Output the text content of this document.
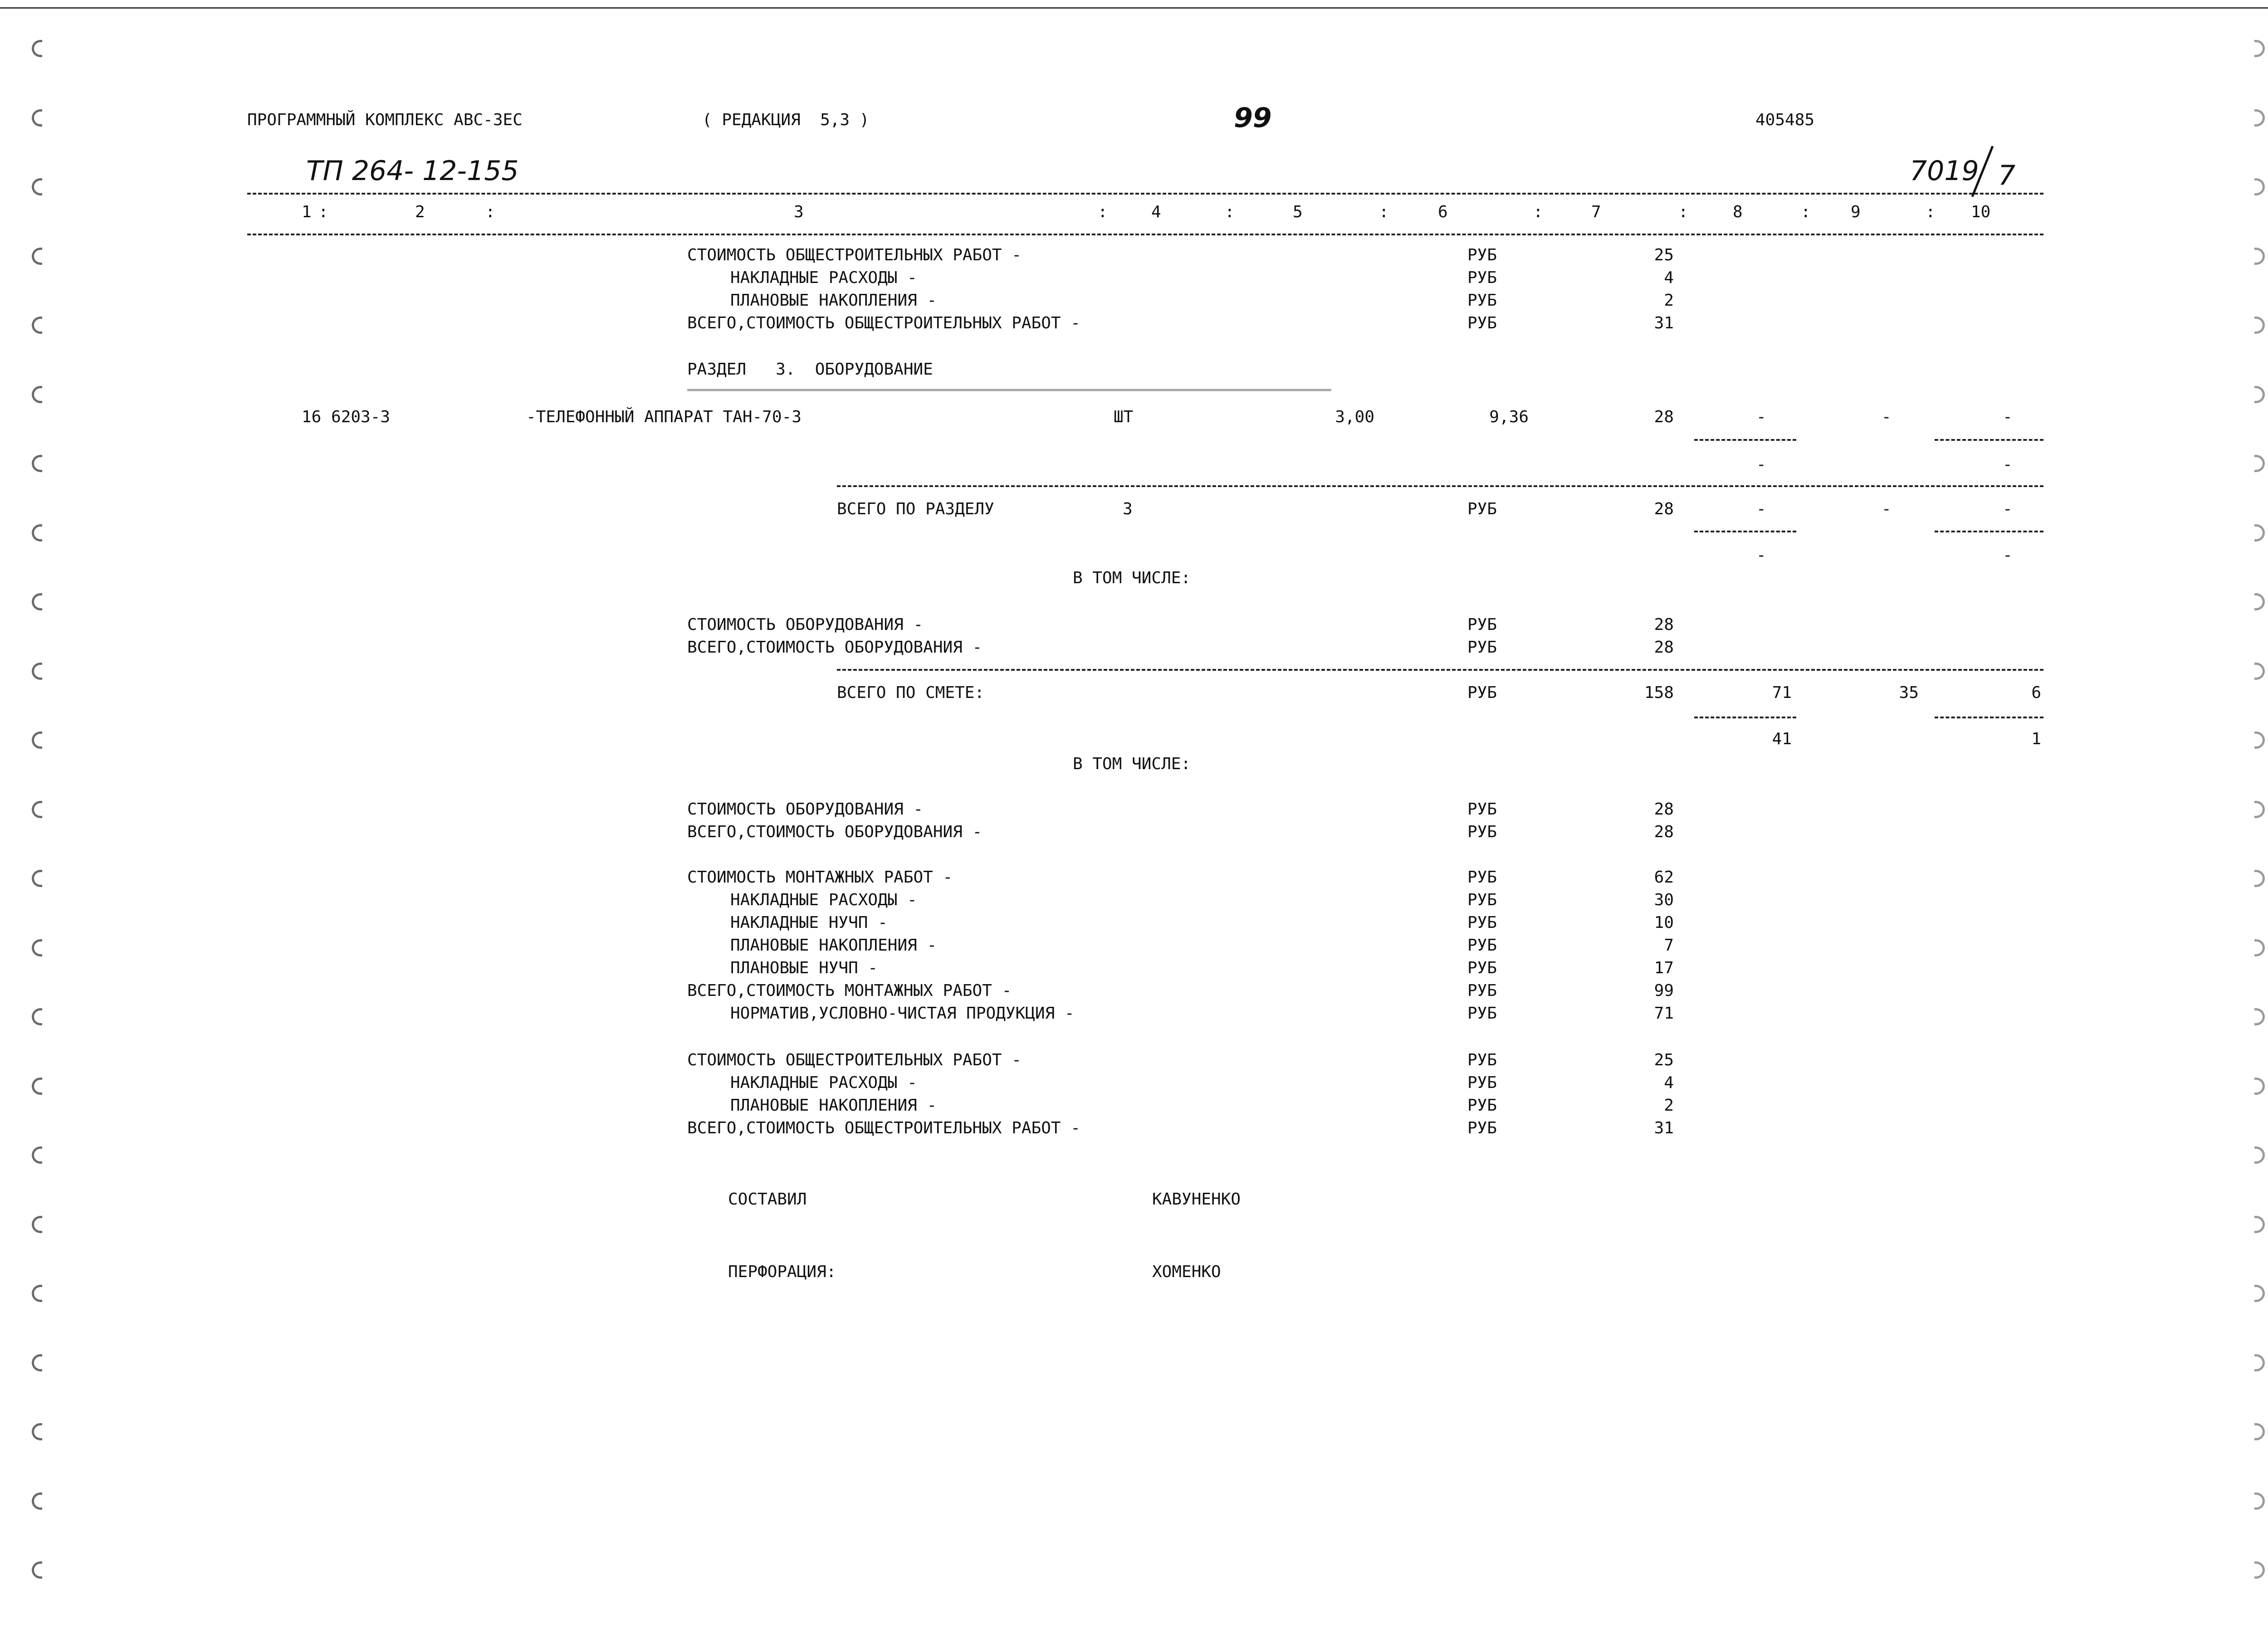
ПРОГРАММНЫЙ КОМПЛЕКС АВС-3ЕС	( РЕДАКЦИЯ  5,3 )	99	405485
ТП 264- 12-155	7019 7
1 :	2	:	3	:	4	:	5	:	6	:	7	:	8	: 9	: 10
СТОИМОСТЬ ОБЩЕСТРОИТЕЛЬНЫХ РАБОТ -	РУБ	25
НАКЛАДНЫЕ РАСХОДЫ -	РУБ	4
ПЛАНОВЫЕ НАКОПЛЕНИЯ -	РУБ	2
ВСЕГО,СТОИМОСТЬ ОБЩЕСТРОИТЕЛЬНЫХ РАБОТ -	РУБ	31
РАЗДЕЛ   3.  ОБОРУДОВАНИЕ
16 6203-3	-ТЕЛЕФОННЫЙ АППАРАТ ТАН-70-3	ШТ	3,00	9,36	28	-	-	-
-	-
ВСЕГО ПО РАЗДЕЛУ	3	РУБ	28	-	-	-
-	-
В ТОМ ЧИСЛЕ:
СТОИМОСТЬ ОБОРУДОВАНИЯ -	РУБ	28
ВСЕГО,СТОИМОСТЬ ОБОРУДОВАНИЯ -	РУБ	28
ВСЕГО ПО СМЕТЕ:	РУБ	158	71	35	6
41	1
В ТОМ ЧИСЛЕ:
СТОИМОСТЬ ОБОРУДОВАНИЯ -	РУБ	28
ВСЕГО,СТОИМОСТЬ ОБОРУДОВАНИЯ -	РУБ	28
СТОИМОСТЬ МОНТАЖНЫХ РАБОТ -	РУБ	62
НАКЛАДНЫЕ РАСХОДЫ -	РУБ	30
НАКЛАДНЫЕ НУЧП -	РУБ	10
ПЛАНОВЫЕ НАКОПЛЕНИЯ -	РУБ	7
ПЛАНОВЫЕ НУЧП -	РУБ	17
ВСЕГО,СТОИМОСТЬ МОНТАЖНЫХ РАБОТ -	РУБ	99
НОРМАТИВ,УСЛОВНО-ЧИСТАЯ ПРОДУКЦИЯ -	РУБ	71
СТОИМОСТЬ ОБЩЕСТРОИТЕЛЬНЫХ РАБОТ -	РУБ	25
НАКЛАДНЫЕ РАСХОДЫ -	РУБ	4
ПЛАНОВЫЕ НАКОПЛЕНИЯ -	РУБ	2
ВСЕГО,СТОИМОСТЬ ОБЩЕСТРОИТЕЛЬНЫХ РАБОТ -	РУБ	31
СОСТАВИЛ	КАВУНЕНКО
ПЕРФОРАЦИЯ:	ХОМЕНКО
